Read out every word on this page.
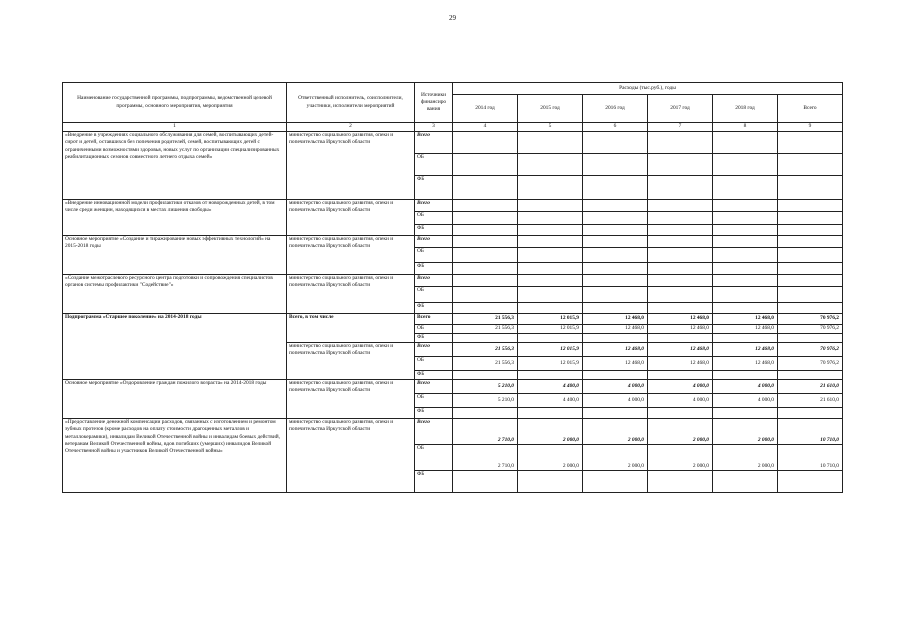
29
Наименование государственной программы, подпрограммы, ведомственной целевой программы, основного мероприятия, мероприятия	Ответственный исполнитель, соисполнители, участники, исполнители мероприятий	Источники финансиро вания	Расходы (тыс.руб.), годы					
			2014 год	2015 год	2016 год	2017 год	2018 год	Всего
1	2	3	4	5	6	7	8	9
«Внедрение в учреждениях социального обслуживания для семей, воспитывающих детей-сирот и детей, оставшихся без попечения родителей, семей, воспитывающих детей с ограниченными возможностями здоровья, новых услуг по организации специализированных реабилитационных сезонов совместного летнего отдыха семей»	министерство социального развития, опеки и попечительства Иркутской области	Всего						
		ОБ						
		ФБ						
«Внедрение инновационной модели профилактики отказов от новорожденных детей, в том числе среди женщин, находящихся в местах лишения свободы»	министерство социального развития, опеки и попечительства Иркутской области	Всего						
		ОБ						
		ФБ						
Основное мероприятие «Создание и тиражирование новых эффективных технологий» на 2015-2018 годы	министерство социального развития, опеки и попечительства Иркутской области	Всего						
		ОБ						
		ФБ						
«Создание межотраслевого ресурсного центра подготовки и сопровождения специалистов органов системы профилактики "Содействие"»	министерство социального развития, опеки и попечительства Иркутской области	Всего						
		ОБ						
		ФБ						
Подпрограмма «Старшее поколение» на 2014-2018 годы	Всего, в том числе	Всего	21 556,3	12 015,9	12 468,0	12 468,0	12 468,0	70 976,2
		ОБ	21 556,3	12 015,9	12 468,0	12 468,0	12 468,0	70 976,2
		ФБ						
	министерство социального развития, опеки и попечительства Иркутской области	Всего	21 556,3	12 015,9	12 468,0	12 468,0	12 468,0	70 976,2
		ОБ	21 556,3	12 015,9	12 468,0	12 468,0	12 468,0	70 976,2
		ФБ						
Основное мероприятие «Оздоровление граждан пожилого возраста» на 2014-2018 годы	министерство социального развития, опеки и попечительства Иркутской области	Всего	5 210,0	4 400,0	4 000,0	4 000,0	4 000,0	21 610,0
		ОБ	5 210,0	4 400,0	4 000,0	4 000,0	4 000,0	21 610,0
		ФБ						
«Предоставление денежной компенсации расходов, связанных с изготовлением и ремонтом зубных протезов (кроме расходов на оплату стоимости драгоценных металлов и металлокерамики), инвалидам Великой Отечественной войны и инвалидам боевых действий, ветеранам Великой Отечественной войны, вдов погибших (умерших) инвалидов Великой Отечественной войны и участников Великой Отечественной войны»	министерство социального развития, опеки и попечительства Иркутской области	Всего	2 710,0	2 000,0	2 000,0	2 000,0	2 000,0	10 710,0
		ОБ	2 710,0	2 000,0	2 000,0	2 000,0	2 000,0	10 710,0
		ФБ						
